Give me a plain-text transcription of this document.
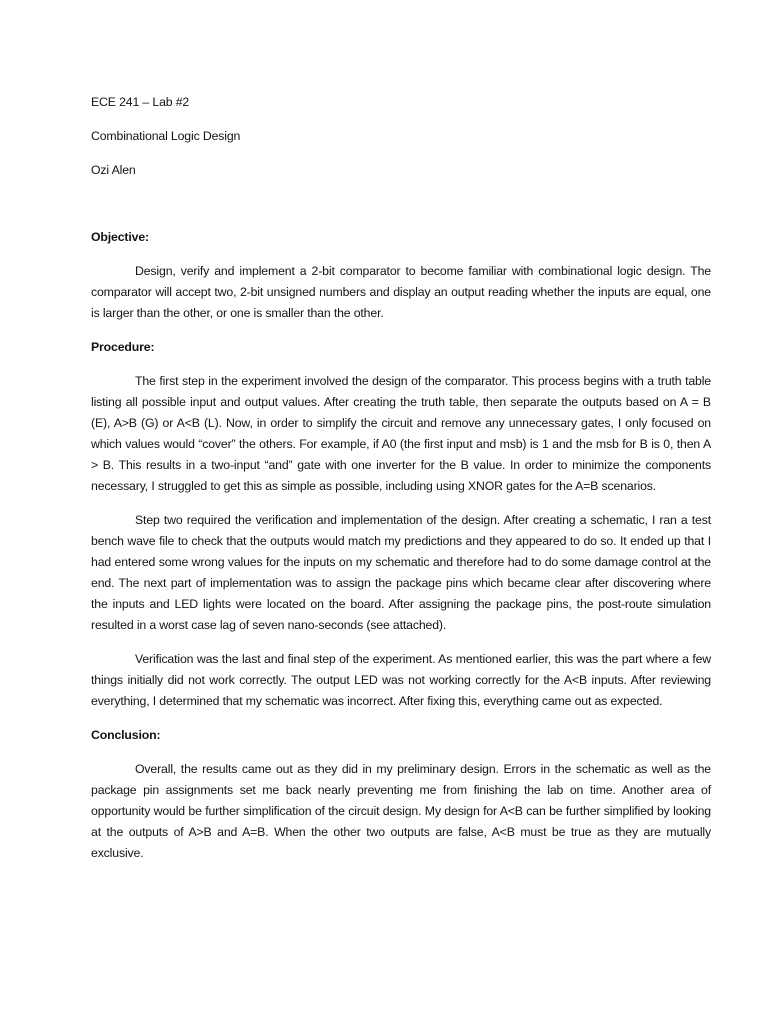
ECE 241 – Lab #2
Combinational Logic Design
Ozi Alen
Objective:

Design, verify and implement a 2-bit comparator to become familiar with combinational logic design. The comparator will accept two, 2-bit unsigned numbers and display an output reading whether the inputs are equal, one is larger than the other, or one is smaller than the other.

Procedure:

The first step in the experiment involved the design of the comparator. This process begins with a truth table listing all possible input and output values. After creating the truth table, then separate the outputs based on A = B (E), A>B (G) or A<B (L). Now, in order to simplify the circuit and remove any unnecessary gates, I only focused on which values would “cover” the others. For example, if A0 (the first input and msb) is 1 and the msb for B is 0, then A > B. This results in a two-input “and” gate with one inverter for the B value. In order to minimize the components necessary, I struggled to get this as simple as possible, including using XNOR gates for the A=B scenarios.

Step two required the verification and implementation of the design. After creating a schematic, I ran a test bench wave file to check that the outputs would match my predictions and they appeared to do so. It ended up that I had entered some wrong values for the inputs on my schematic and therefore had to do some damage control at the end. The next part of implementation was to assign the package pins which became clear after discovering where the inputs and LED lights were located on the board. After assigning the package pins, the post-route simulation resulted in a worst case lag of seven nano-seconds (see attached).

Verification was the last and final step of the experiment. As mentioned earlier, this was the part where a few things initially did not work correctly. The output LED was not working correctly for the A<B inputs. After reviewing everything, I determined that my schematic was incorrect. After fixing this, everything came out as expected.

Conclusion:

Overall, the results came out as they did in my preliminary design. Errors in the schematic as well as the package pin assignments set me back nearly preventing me from finishing the lab on time. Another area of opportunity would be further simplification of the circuit design. My design for A<B can be further simplified by looking at the outputs of A>B and A=B. When the other two outputs are false, A<B must be true as they are mutually exclusive.
